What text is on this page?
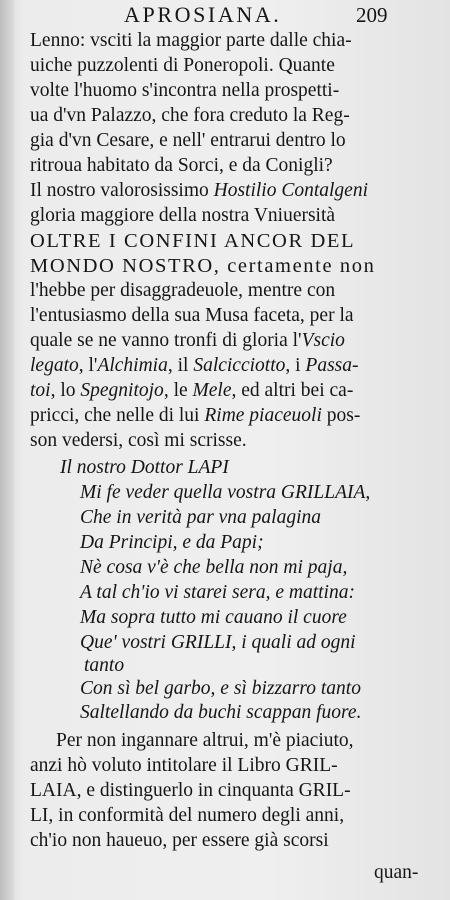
APROSIANA.	209
Lenno: vsciti la maggior parte dalle chia-
uiche puzzolenti di Poneropoli. Quante
volte l'huomo s'incontra nella prospetti-
ua d'vn Palazzo, che fora creduto la Reg-
gia d'vn Cesare, e nell' entrarui dentro lo
ritroua habitato da Sorci, e da Conigli?
Il nostro valorosissimo Hostilio Contalgeni
gloria maggiore della nostra Vniuersità
OLTRE I CONFINI ANCOR DEL
MONDO NOSTRO, certamente non
l'hebbe per disaggradeuole, mentre con
l'entusiasmo della sua Musa faceta, per la
quale se ne vanno tronfi di gloria l'Vscio
legato, l'Alchimia, il Salcicciotto, i Passa-
toi, lo Spegnitojo, le Mele, ed altri bei ca-
pricci, che nelle di lui Rime piaceuoli pos-
son vedersi, così mi scrisse.
Il nostro Dottor LAPI
Mi fe veder quella vostra GRILLAIA,
Che in verità par vna palagina
Da Principi, e da Papi;
Nè cosa v'è che bella non mi paja,
A tal ch'io vi starei sera, e mattina:
Ma sopra tutto mi cauano il cuore
Que' vostri GRILLI, i quali ad ogni
tanto
Con sì bel garbo, e sì bizzarro tanto
Saltellando da buchi scappan fuore.
Per non ingannare altrui, m'è piaciuto,
anzi hò voluto intitolare il Libro GRIL-
LAIA, e distinguerlo in cinquanta GRIL-
LI, in conformità del numero degli anni,
ch'io non haueuo, per essere già scorsi
quan-
